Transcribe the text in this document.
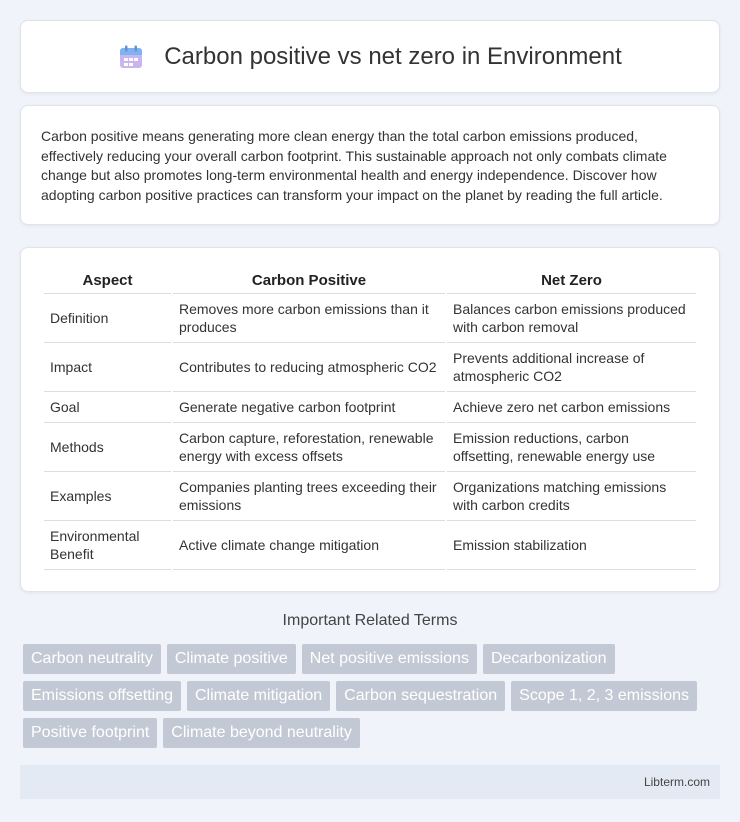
Carbon positive vs net zero in Environment

Carbon positive means generating more clean energy than the total carbon emissions produced, effectively reducing your overall carbon footprint. This sustainable approach not only combats climate change but also promotes long-term environmental health and energy independence. Discover how adopting carbon positive practices can transform your impact on the planet by reading the full article.

Aspect	Carbon Positive	Net Zero
Definition	Removes more carbon emissions than it produces	Balances carbon emissions produced with carbon removal
Impact	Contributes to reducing atmospheric CO2	Prevents additional increase of atmospheric CO2
Goal	Generate negative carbon footprint	Achieve zero net carbon emissions
Methods	Carbon capture, reforestation, renewable energy with excess offsets	Emission reductions, carbon offsetting, renewable energy use
Examples	Companies planting trees exceeding their emissions	Organizations matching emissions with carbon credits
Environmental Benefit	Active climate change mitigation	Emission stabilization
Important Related Terms
Carbon neutrality	Climate positive	Net positive emissions	Decarbonization
Emissions offsetting	Climate mitigation	Carbon sequestration	Scope 1, 2, 3 emissions
Positive footprint	Climate beyond neutrality
Libterm.com
